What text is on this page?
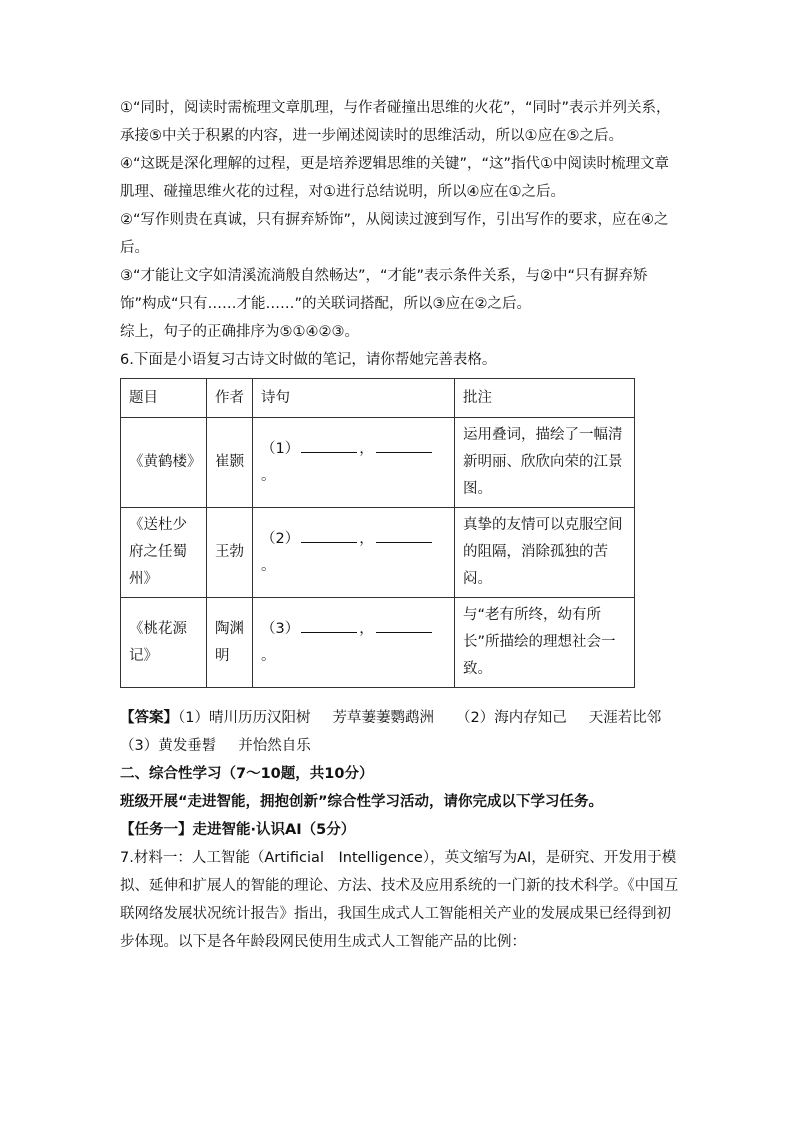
①“同时，阅读时需梳理文章肌理，与作者碰撞出思维的火花”，“同时”表示并列关系，承接⑤中关于积累的内容，进一步阐述阅读时的思维活动，所以①应在⑤之后。

④“这既是深化理解的过程，更是培养逻辑思维的关键”，“这”指代①中阅读时梳理文章肌理、碰撞思维火花的过程，对①进行总结说明，所以④应在①之后。

②“写作则贵在真诚，只有摒弃矫饰”，从阅读过渡到写作，引出写作的要求，应在④之后。

③“才能让文字如清溪流淌般自然畅达”，“才能”表示条件关系，与②中“只有摒弃矫饰”构成“只有……才能……”的关联词搭配，所以③应在②之后。

综上，句子的正确排序为⑤①④②③。

6.下面是小语复习古诗文时做的笔记，请你帮她完善表格。

题目	作者	诗句	批注
《黄鹤楼》	崔颢	（1） ，。	运用叠词，描绘了一幅清新明丽、欣欣向荣的江景图。
《送杜少府之任蜀州》	王勃	（2） ，。	真挚的友情可以克服空间的阻隔，消除孤独的苦闷。
《桃花源记》	陶渊明	（3） ，。	与“老有所终，幼有所长”所描绘的理想社会一致。

【答案】（1）晴川历历汉阳树 芳草萋萋鹦鹉洲 （2）海内存知己 天涯若比邻

（3）黄发垂髫 并怡然自乐

二、综合性学习（7～10题，共10分）

班级开展“走进智能，拥抱创新”综合性学习活动，请你完成以下学习任务。

【任务一】走进智能·认识AI（5分）

7.材料一：人工智能（Artificial　Intelligence），英文缩写为AI，是研究、开发用于模拟、延伸和扩展人的智能的理论、方法、技术及应用系统的一门新的技术科学。《中国互联网络发展状况统计报告》指出，我国生成式人工智能相关产业的发展成果已经得到初步体现。以下是各年龄段网民使用生成式人工智能产品的比例：
